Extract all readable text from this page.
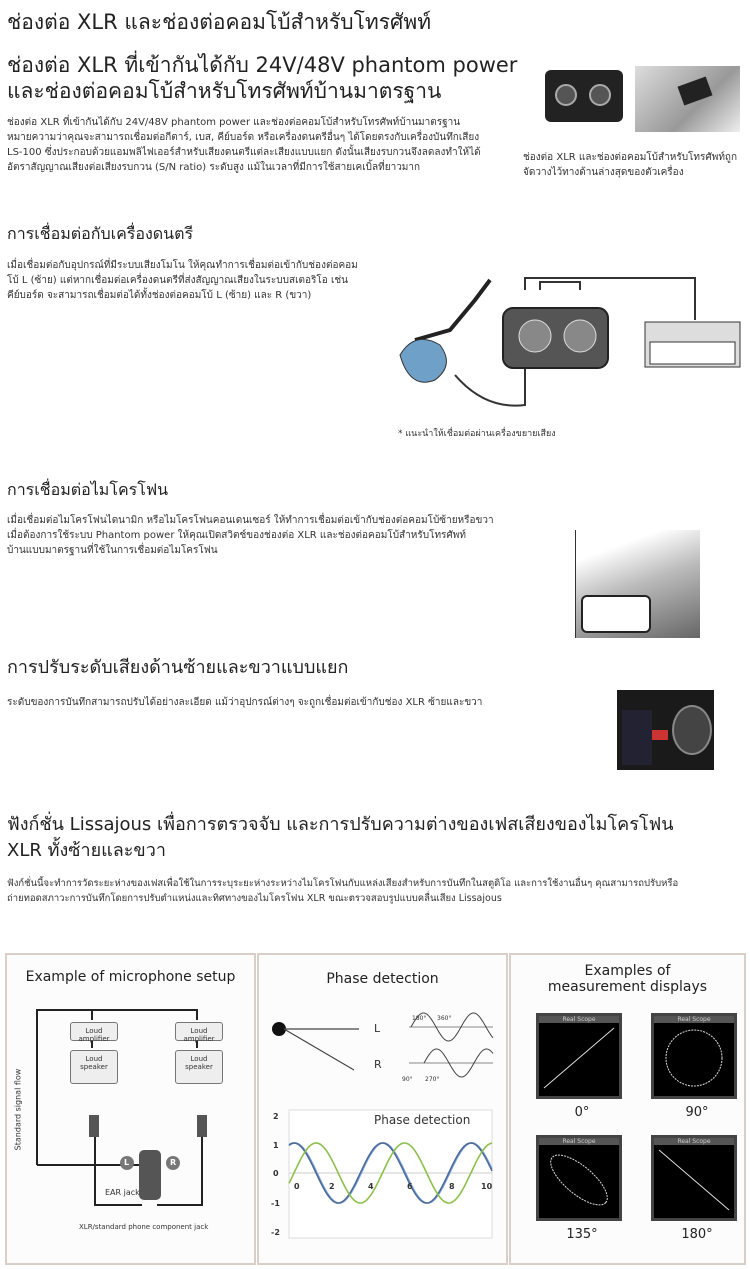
ช่องต่อ XLR และช่องต่อคอมโบ้สำหรับโทรศัพท์
ช่องต่อ XLR ที่เข้ากันได้กับ 24V/48V phantom power และช่องต่อคอมโบ้สำหรับโทรศัพท์บ้านมาตรฐาน
ช่องต่อ XLR ที่เข้ากันได้กับ 24V/48V phantom power และช่องต่อคอมโบ้สำหรับโทรศัพท์บ้านมาตรฐาน
หมายความว่าคุณจะสามารถเชื่อมต่อกีตาร์, เบส, คีย์บอร์ด หรือเครื่องดนตรีอื่นๆ ได้โดยตรงกับเครื่องบันทึกเสียง
LS-100 ซึ่งประกอบด้วยแอมพลิไฟเออร์สำหรับเสียงดนตรีแต่ละเสียงแบบแยก ดังนั้นเสียงรบกวนจึงลดลงทำให้ได้
อัตราสัญญาณเสียงต่อเสียงรบกวน (S/N ratio) ระดับสูง แม้ในเวลาที่มีการใช้สายเคเบิ้ลที่ยาวมาก
ช่องต่อ XLR และช่องต่อคอมโบ้สำหรับโทรศัพท์ถูก
จัดวางไว้ทางด้านล่างสุดของตัวเครื่อง
การเชื่อมต่อกับเครื่องดนตรี
เมื่อเชื่อมต่อกับอุปกรณ์ที่มีระบบเสียงโมโน ให้คุณทำการเชื่อมต่อเข้ากับช่องต่อคอม
โบ้ L (ซ้าย) แต่หากเชื่อมต่อเครื่องดนตรีที่ส่งสัญญาณเสียงในระบบสเตอริโอ เช่น
คีย์บอร์ด จะสามารถเชื่อมต่อได้ทั้งช่องต่อคอมโบ้ L (ซ้าย) และ R (ขวา)
* แนะนำให้เชื่อมต่อผ่านเครื่องขยายเสียง
การเชื่อมต่อไมโครโฟน
เมื่อเชื่อมต่อไมโครโฟนไดนามิก หรือไมโครโฟนคอนเดนเซอร์ ให้ทำการเชื่อมต่อเข้ากับช่องต่อคอมโบ้ซ้ายหรือขวา
เมื่อต้องการใช้ระบบ Phantom power ให้คุณเปิดสวิตช์ของช่องต่อ XLR และช่องต่อคอมโบ้สำหรับโทรศัพท์
บ้านแบบมาตรฐานที่ใช้ในการเชื่อมต่อไมโครโฟน
การปรับระดับเสียงด้านซ้ายและขวาแบบแยก
ระดับของการบันทึกสามารถปรับได้อย่างละเอียด แม้ว่าอุปกรณ์ต่างๆ จะถูกเชื่อมต่อเข้ากับช่อง XLR ซ้ายและขวา
ฟังก์ชั่น Lissajous เพื่อการตรวจจับ และการปรับความต่างของเฟสเสียงของไมโครโฟน
XLR ทั้งซ้ายและขวา
ฟังก์ชั่นนี้จะทำการวัดระยะห่างของเฟสเพื่อใช้ในการระบุระยะห่างระหว่างไมโครโฟนกับแหล่งเสียงสำหรับการบันทึกในสตูดิโอ และการใช้งานอื่นๆ คุณสามารถปรับหรือ
ถ่ายทอดสภาวะการบันทึกโดยการปรับตำแหน่งและทิศทางของไมโครโฟน XLR ขณะตรวจสอบรูปแบบคลื่นเสียง Lissajous
Example of microphone setup
Loud amplifier
Loud speaker
Loud amplifier
Loud speaker
Standard signal flow
L	R
EAR jack
XLR/standard phone component jack
Phase detection
L
R
180° 360°
90° 270°
Phase detection
2
1
0
-1
-2
0	2	4	6	8	10
Examples of
measurement displays
Real Scope	Real Scope
0°	90°
Real Scope	Real Scope
135°	180°
